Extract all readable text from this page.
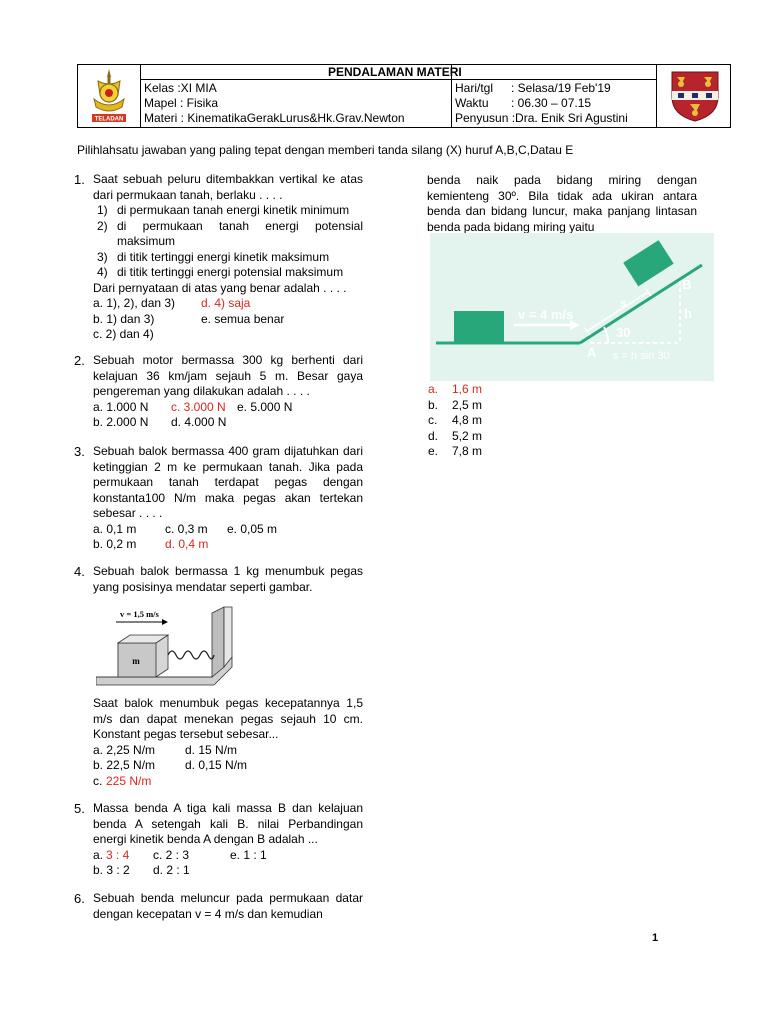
TELADAN
PENDALAMAN MATERI
Kelas :XI MIA
Mapel : Fisika
Materi : KinematikaGerakLurus&Hk.Grav.Newton
Hari/tgl : Selasa/19 Feb'19
Waktu : 06.30 – 07.15
Penyusun :Dra. Enik Sri Agustini
Pilihlahsatu jawaban yang paling tepat dengan memberi tanda silang (X) huruf A,B,C,Datau E
1. Saat sebuah peluru ditembakkan vertikal ke atas dari permukaan tanah, berlaku . . . .
1) di permukaan tanah energi kinetik minimum
2) di permukaan tanah energi potensial maksimum
3) di titik tertinggi energi kinetik maksimum
4) di titik tertinggi energi potensial maksimum
Dari pernyataan di atas yang benar adalah . . . .
a. 1), 2), dan 3) d. 4) saja
b. 1) dan 3)	e. semua benar
c. 2) dan 4)
2. Sebuah motor bermassa 300 kg berhenti dari kelajuan 36 km/jam sejauh 5 m. Besar gaya pengereman yang dilakukan adalah . . . .
a. 1.000 N c. 3.000 N e. 5.000 N
b. 2.000 N d. 4.000 N
3. Sebuah balok bermassa 400 gram dijatuhkan dari ketinggian 2 m ke permukaan tanah. Jika pada permukaan tanah terdapat pegas dengan konstanta100 N/m maka pegas akan tertekan sebesar . . . .
a. 0,1 m c. 0,3 m e. 0,05 m
b. 0,2 m d. 0,4 m
4. Sebuah balok bermassa 1 kg menumbuk pegas yang posisinya mendatar seperti gambar.
m
v = 1,5 m/s
Saat balok menumbuk pegas kecepatannya 1,5 m/s dan dapat menekan pegas sejauh 10 cm. Konstant pegas tersebut sebesar...
a. 2,25 N/m d. 15 N/m
b. 22,5 N/m d. 0,15 N/m
c. 225 N/m
5. Massa benda A tiga kali massa B dan kelajuan benda A setengah kali B. nilai Perbandingan energi kinetik benda A dengan B adalah ...
a. 3 : 4 c. 2 : 3	e. 1 : 1
b. 3 : 2 d. 2 : 1
6. Sebuah benda meluncur pada permukaan datar dengan kecepatan v = 4 m/s dan kemudian
benda naik pada bidang miring dengan kemienteng 30º. Bila tidak ada ukiran antara benda dan bidang luncur, maka panjang lintasan benda pada bidang miring yaitu
v = 4 m/s
s
30
A
B
h
s = h sin 30
a. 1,6 m
b. 2,5 m
c. 4,8 m
d. 5,2 m
e. 7,8 m
1
